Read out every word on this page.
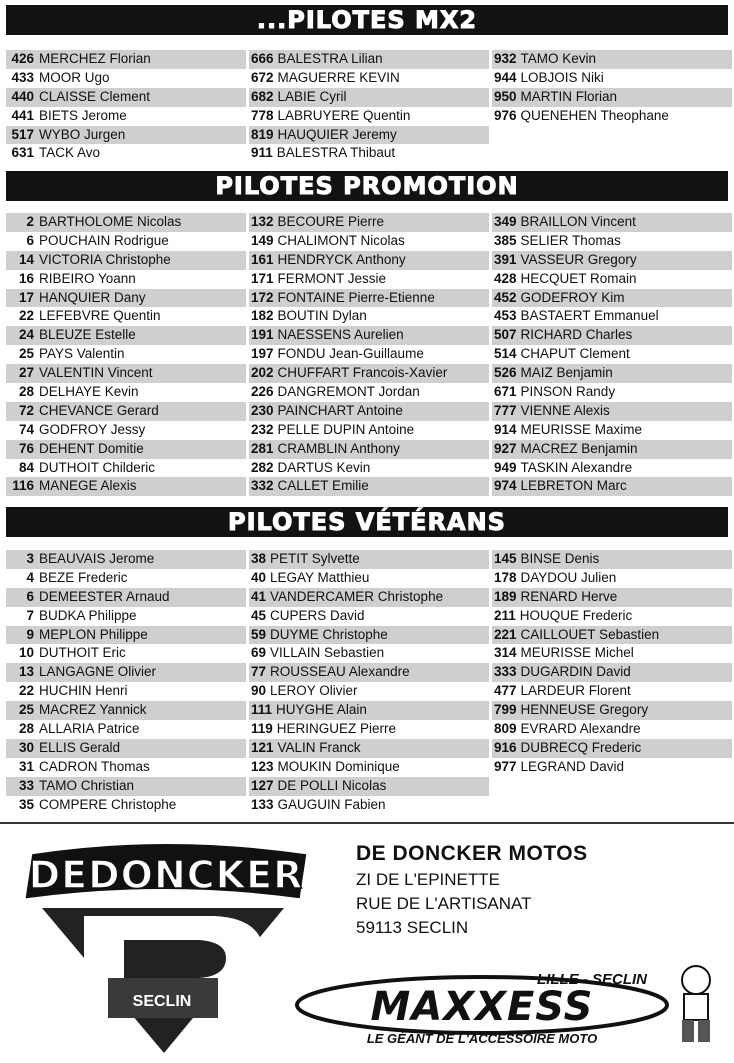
...PILOTES MX2
426 MERCHEZ Florian
433 MOOR Ugo
440 CLAISSE Clement
441 BIETS Jerome
517 WYBO Jurgen
631 TACK Avo
666 BALESTRA Lilian
672 MAGUERRE KEVIN
682 LABIE Cyril
778 LABRUYERE Quentin
819 HAUQUIER Jeremy
911 BALESTRA Thibaut
932 TAMO Kevin
944 LOBJOIS Niki
950 MARTIN Florian
976 QUENEHEN Theophane
PILOTES PROMOTION
2 BARTHOLOME Nicolas
6 POUCHAIN Rodrigue
14 VICTORIA Christophe
16 RIBEIRO Yoann
17 HANQUIER Dany
22 LEFEBVRE Quentin
24 BLEUZE Estelle
25 PAYS Valentin
27 VALENTIN Vincent
28 DELHAYE Kevin
72 CHEVANCE Gerard
74 GODFROY Jessy
76 DEHENT Domitie
84 DUTHOIT Childeric
116 MANEGE Alexis
132 BECOURE Pierre
149 CHALIMONT Nicolas
161 HENDRYCK Anthony
171 FERMONT Jessie
172 FONTAINE Pierre-Etienne
182 BOUTIN Dylan
191 NAESSENS Aurelien
197 FONDU Jean-Guillaume
202 CHUFFART Francois-Xavier
226 DANGREMONT Jordan
230 PAINCHART Antoine
232 PELLE DUPIN Antoine
281 CRAMBLIN Anthony
282 DARTUS Kevin
332 CALLET Emilie
349 BRAILLON Vincent
385 SELIER Thomas
391 VASSEUR Gregory
428 HECQUET Romain
452 GODEFROY Kim
453 BASTAERT Emmanuel
507 RICHARD Charles
514 CHAPUT Clement
526 MAIZ Benjamin
671 PINSON Randy
777 VIENNE Alexis
914 MEURISSE Maxime
927 MACREZ Benjamin
949 TASKIN Alexandre
974 LEBRETON Marc
PILOTES VÉTÉRANS
3 BEAUVAIS Jerome
4 BEZE Frederic
6 DEMEESTER Arnaud
7 BUDKA Philippe
9 MEPLON Philippe
10 DUTHOIT Eric
13 LANGAGNE Olivier
22 HUCHIN Henri
25 MACREZ Yannick
28 ALLARIA Patrice
30 ELLIS Gerald
31 CADRON Thomas
33 TAMO Christian
35 COMPERE Christophe
38 PETIT Sylvette
40 LEGAY Matthieu
41 VANDERCAMER Christophe
45 CUPERS David
59 DUYME Christophe
69 VILLAIN Sebastien
77 ROUSSEAU Alexandre
90 LEROY Olivier
111 HUYGHE Alain
119 HERINGUEZ Pierre
121 VALIN Franck
123 MOUKIN Dominique
127 DE POLLI Nicolas
133 GAUGUIN Fabien
145 BINSE Denis
178 DAYDOU Julien
189 RENARD Herve
211 HOUQUE Frederic
221 CAILLOUET Sebastien
314 MEURISSE Michel
333 DUGARDIN David
477 LARDEUR Florent
799 HENNEUSE Gregory
809 EVRARD Alexandre
916 DUBRECQ Frederic
977 LEGRAND David
DEDONCKER
SECLIN
DE DONCKER MOTOS
ZI DE L'EPINETTE
RUE DE L'ARTISANAT
59113 SECLIN
LILLE - SECLIN
MAXXESS
LE GÉANT DE L'ACCESSOIRE MOTO
